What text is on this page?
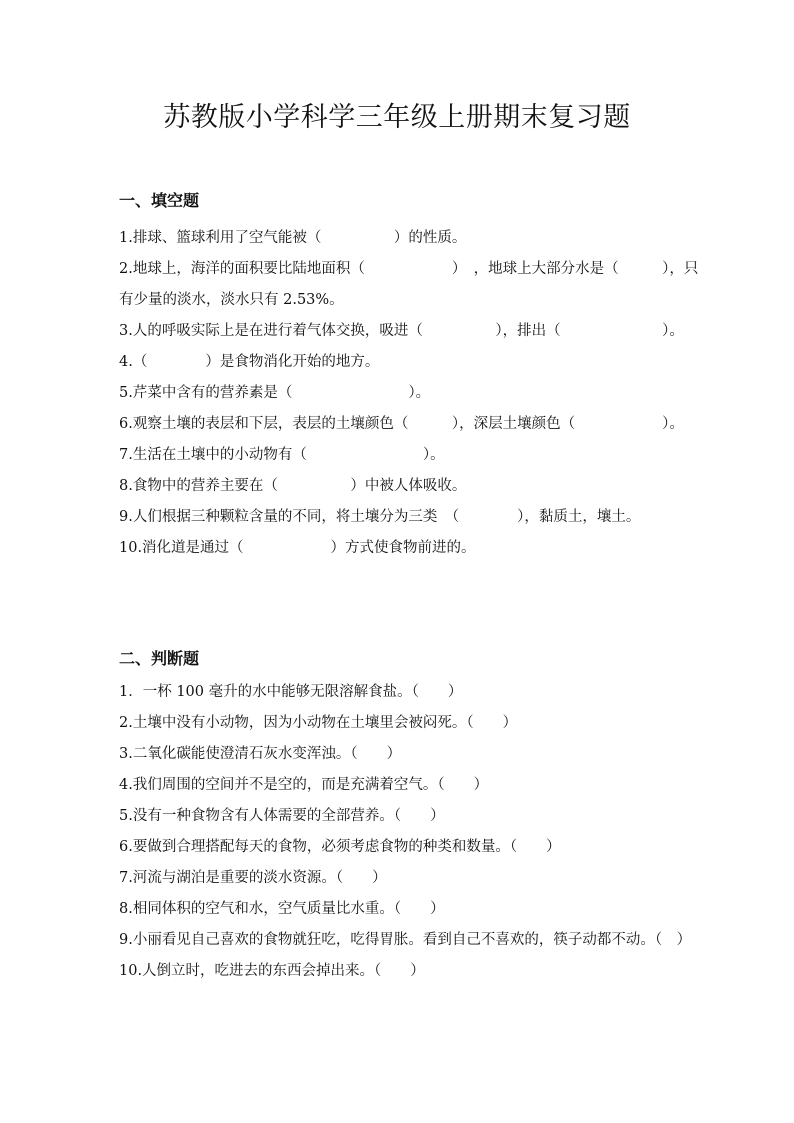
苏教版小学科学三年级上册期末复习题
一、填空题
1.排球、篮球利用了空气能被（　　　　　）的性质。
2.地球上，海洋的面积要比陆地面积（　　　　　　）　，地球上大部分水是（　　　），只有少量的淡水，淡水只有 2.53%。
3.人的呼吸实际上是在进行着气体交换，吸进（　　　　　），排出（　　　　　　　）。
4.（　　　　）是食物消化开始的地方。
5.芹菜中含有的营养素是（　　　　　　　　）。
6.观察土壤的表层和下层，表层的土壤颜色（　　　），深层土壤颜色（　　　　　　）。
7.生活在土壤中的小动物有（　　　　　　　　）。
8.食物中的营养主要在（　　　　　）中被人体吸收。
9.人们根据三种颗粒含量的不同，将土壤分为三类　（　　　　），黏质土，壤土。
10.消化道是通过（　　　　　　）方式使食物前进的。
二、判断题
1．一杯 100 毫升的水中能够无限溶解食盐。（　　）
2.土壤中没有小动物，因为小动物在土壤里会被闷死。（　　）
3.二氧化碳能使澄清石灰水变浑浊。（　　）
4.我们周围的空间并不是空的，而是充满着空气。（　　）
5.没有一种食物含有人体需要的全部营养。（　　）
6.要做到合理搭配每天的食物，必须考虑食物的种类和数量。（　　）
7.河流与湖泊是重要的淡水资源。（　　）
8.相同体积的空气和水，空气质量比水重。（　　）
9.小丽看见自己喜欢的食物就狂吃，吃得胃胀。看到自己不喜欢的，筷子动都不动。（　）
10.人倒立时，吃进去的东西会掉出来。（　　）
